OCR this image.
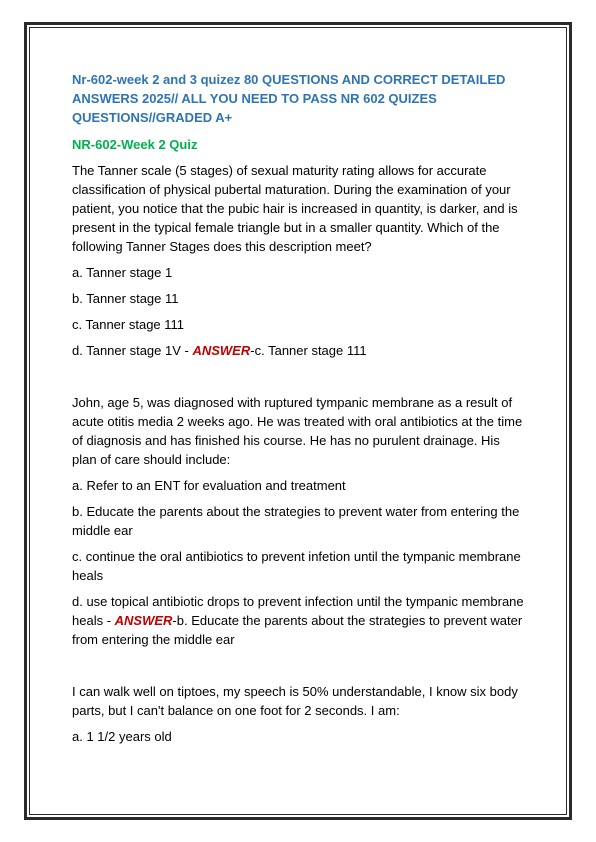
Nr-602-week 2 and 3 quizez 80 QUESTIONS AND CORRECT DETAILED ANSWERS 2025// ALL YOU NEED TO PASS NR 602 QUIZES QUESTIONS//GRADED A+
NR-602-Week 2 Quiz

The Tanner scale (5 stages) of sexual maturity rating allows for accurate classification of physical pubertal maturation. During the examination of your patient, you notice that the pubic hair is increased in quantity, is darker, and is present in the typical female triangle but in a smaller quantity. Which of the following Tanner Stages does this description meet?

a. Tanner stage 1
b. Tanner stage 11
c. Tanner stage 111
d. Tanner stage 1V - ANSWER-c. Tanner stage 111

John, age 5, was diagnosed with ruptured tympanic membrane as a result of acute otitis media 2 weeks ago. He was treated with oral antibiotics at the time of diagnosis and has finished his course. He has no purulent drainage. His plan of care should include:

a. Refer to an ENT for evaluation and treatment
b. Educate the parents about the strategies to prevent water from entering the middle ear
c. continue the oral antibiotics to prevent infetion until the tympanic membrane heals
d. use topical antibiotic drops to prevent infection until the tympanic membrane heals - ANSWER-b. Educate the parents about the strategies to prevent water from entering the middle ear

I can walk well on tiptoes, my speech is 50% understandable, I know six body parts, but I can't balance on one foot for 2 seconds. I am:

a. 1 1/2 years old
